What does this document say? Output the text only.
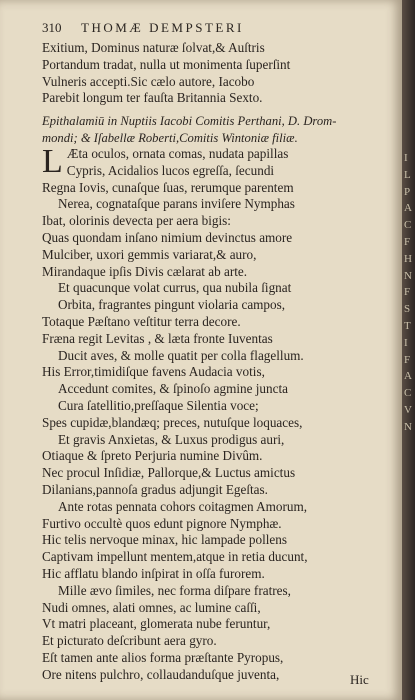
310 THOMÆ DEMPSTERI
Exitium, Dominus naturæ ſolvat,& Auſtris
Portandum tradat, nulla ut monimenta ſuperſint
Vulneris accepti.Sic cælo autore, Iacobo
Parebit longum ter fauſta Britannia Sexto.
Epithalamiū in Nuptiis Iacobi Comitis Perthani, D. Drom-
mondi; & Iſabellæ Roberti,Comitis Wintoniæ filiæ.
L Æta oculos, ornata comas, nudata papillas
Cypris, Acidalios lucos egreſſa, ſecundi
Regna Iovis, cunaſque ſuas, rerumque parentem
Nerea, cognataſque parans inviſere Nymphas
Ibat, olorinis devecta per aera bigis:
Quas quondam inſano nimium devinctus amore
Mulciber, uxori gemmis variarat,& auro,
Mirandaque ipſis Divis cælarat ab arte.
Et quacunque volat currus, qua nubila ſignat
Orbita, fragrantes pingunt violaria campos,
Totaque Pæſtano veſtitur terra decore.
Fræna regit Levitas , & læta fronte Iuventas
Ducit aves, & molle quatit per colla flagellum.
His Error,timidiſque favens Audacia votis,
Accedunt comites, & ſpinoſo agmine juncta
Cura ſatellitio,preſſaque Silentia voce;
Spes cupidæ,blandæq; preces, nutuſque loquaces,
Et gravis Anxietas, & Luxus prodigus auri,
Otiaque & ſpreto Perjuria numine Divûm.
Nec procul Inſidiæ, Pallorque,& Luctus amictus
Dilanians,pannoſa gradus adjungit Egeſtas.
Ante rotas pennata cohors coitagmen Amorum,
Furtivo occultè quos edunt pignore Nymphæ.
Hic telis nervoque minax, hic lampade pollens
Captivam impellunt mentem,atque in retia ducunt,
Hic afflatu blando inſpirat in oſſa furorem.
Mille ævo ſimiles, nec forma diſpare fratres,
Nudi omnes, alati omnes, ac lumine caſſi,
Vt matri placeant, glomerata nube feruntur,
Et picturato deſcribunt aera gyro.
Eſt tamen ante alios forma præſtante Pyropus,
Ore nitens pulchro, collaudanduſque juventa,	Hic
I
L
P
A
C
F
H
N
F
S
T
I
F
A
C
V
N
